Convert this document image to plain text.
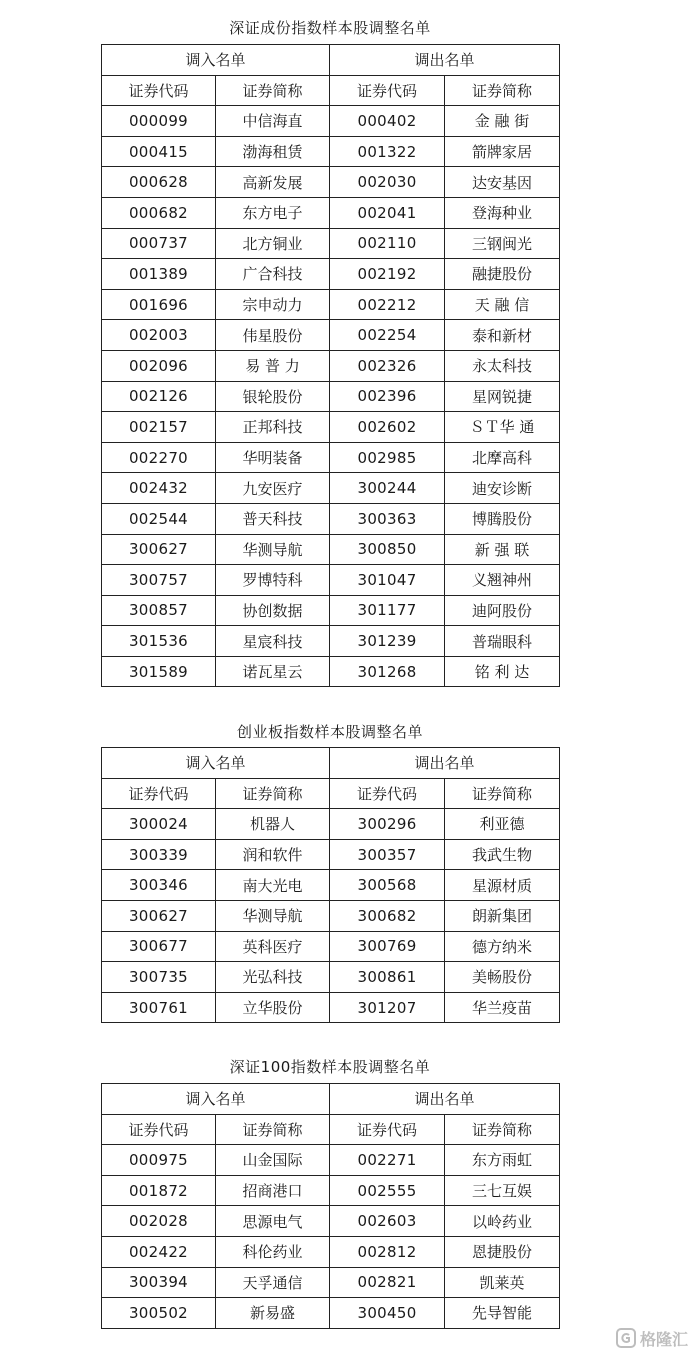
深证成份指数样本股调整名单
调入名单		调出名单	
证券代码	证券简称	证券代码	证券简称
000099	中信海直	000402	金 融 街
000415	渤海租赁	001322	箭牌家居
000628	高新发展	002030	达安基因
000682	东方电子	002041	登海种业
000737	北方铜业	002110	三钢闽光
001389	广合科技	002192	融捷股份
001696	宗申动力	002212	天 融 信
002003	伟星股份	002254	泰和新材
002096	易 普 力	002326	永太科技
002126	银轮股份	002396	星网锐捷
002157	正邦科技	002602	ＳＴ华 通
002270	华明装备	002985	北摩高科
002432	九安医疗	300244	迪安诊断
002544	普天科技	300363	博腾股份
300627	华测导航	300850	新 强 联
300757	罗博特科	301047	义翘神州
300857	协创数据	301177	迪阿股份
301536	星宸科技	301239	普瑞眼科
301589	诺瓦星云	301268	铭 利 达
创业板指数样本股调整名单
调入名单		调出名单	
证券代码	证券简称	证券代码	证券简称
300024	机器人	300296	利亚德
300339	润和软件	300357	我武生物
300346	南大光电	300568	星源材质
300627	华测导航	300682	朗新集团
300677	英科医疗	300769	德方纳米
300735	光弘科技	300861	美畅股份
300761	立华股份	301207	华兰疫苗
深证100指数样本股调整名单
调入名单		调出名单	
证券代码	证券简称	证券代码	证券简称
000975	山金国际	002271	东方雨虹
001872	招商港口	002555	三七互娱
002028	思源电气	002603	以岭药业
002422	科伦药业	002812	恩捷股份
300394	天孚通信	002821	凯莱英
300502	新易盛	300450	先导智能
格隆汇
